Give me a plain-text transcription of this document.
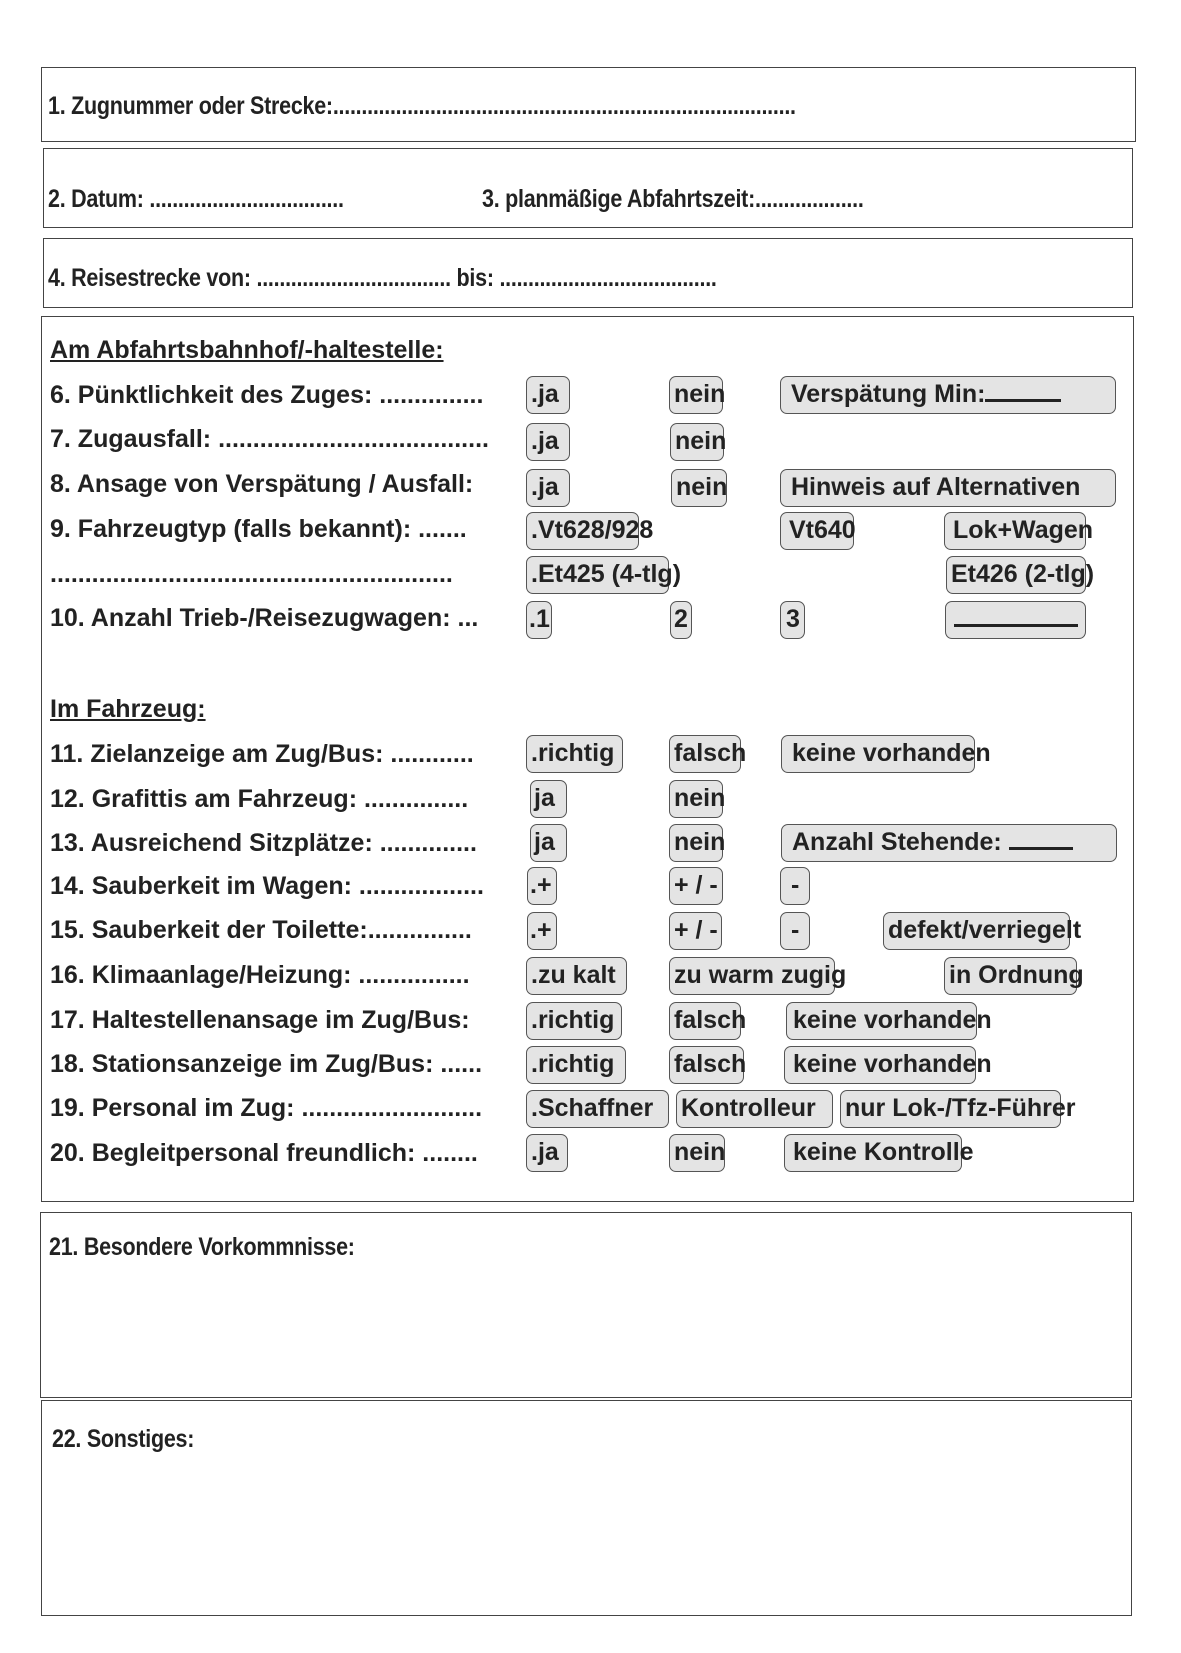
1. Zugnummer oder Strecke:.................................................................................
2. Datum: ..................................	3. planmäßige Abfahrtszeit:...................
4. Reisestrecke von: .................................. bis: ......................................
Am Abfahrtsbahnhof/-haltestelle:
6. Pünktlichkeit des Zuges: ............... .ja	nein	Verspätung Min:
7. Zugausfall: ....................................... .ja	nein
8. Ansage von Verspätung / Ausfall: .ja	nein	Hinweis auf Alternativen
9. Fahrzeugtyp (falls bekannt): .......	.Vt628/928	Vt640	Lok+Wagen
..........................................................	.Et425 (4-tlg)	Et426 (2-tlg)
10. Anzahl Trieb-/Reisezugwagen: ... .1	2	3
Im Fahrzeug:
11. Zielanzeige am Zug/Bus: ............ .richtig	falsch	keine vorhanden
12. Grafittis am Fahrzeug: ...............	ja	nein
13. Ausreichend Sitzplätze: .............. ja	nein	Anzahl Stehende:
14. Sauberkeit im Wagen: .................. .+	+ / -	-
15. Sauberkeit der Toilette:............... .+	+ / -	-	defekt/verriegelt
16. Klimaanlage/Heizung: ................ .zu kalt	zu warm zugig	in Ordnung
17. Haltestellenansage im Zug/Bus: .richtig	falsch keine vorhanden
18. Stationsanzeige im Zug/Bus: ...... .richtig	falsch	keine vorhanden
19. Personal im Zug: .......................... .Schaffner	Kontrolleur	nur Lok-/Tfz-Führer
20. Begleitpersonal freundlich: ........ .ja	nein	keine Kontrolle
21. Besondere Vorkommnisse:
22. Sonstiges:
